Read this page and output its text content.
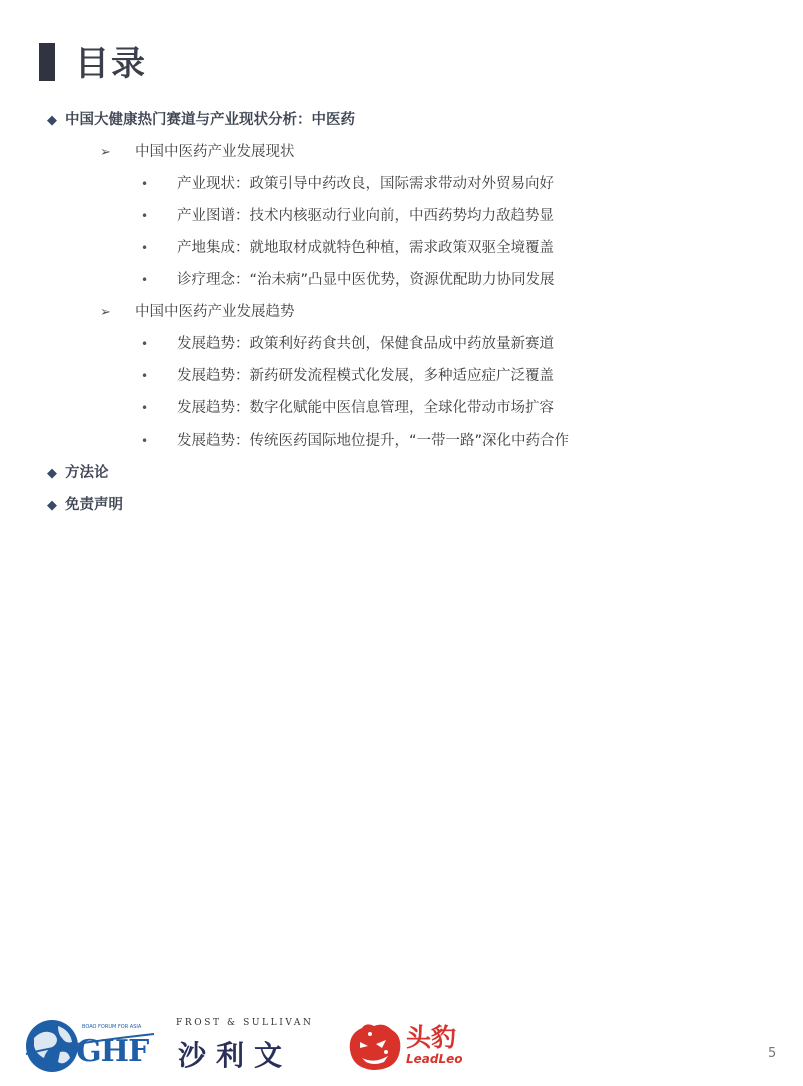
目录
◆ 中国大健康热门赛道与产业现状分析：中医药
➢ 中国中医药产业发展现状
• 产业现状：政策引导中药改良，国际需求带动对外贸易向好
• 产业图谱：技术内核驱动行业向前，中西药势均力敌趋势显
• 产地集成：就地取材成就特色种植，需求政策双驱全境覆盖
• 诊疗理念：“治未病”凸显中医优势，资源优配助力协同发展
➢ 中国中医药产业发展趋势
• 发展趋势：政策利好药食共创，保健食品成中药放量新赛道
• 发展趋势：新药研发流程模式化发展，多种适应症广泛覆盖
• 发展趋势：数字化赋能中医信息管理，全球化带动市场扩容
• 发展趋势：传统医药国际地位提升，“一带一路”深化中药合作
◆ 方法论
◆ 免责声明
GHF
BOAO FORUM FOR ASIA	FROST & SULLIVAN
沙利文
头豹
LeadLeo	5
